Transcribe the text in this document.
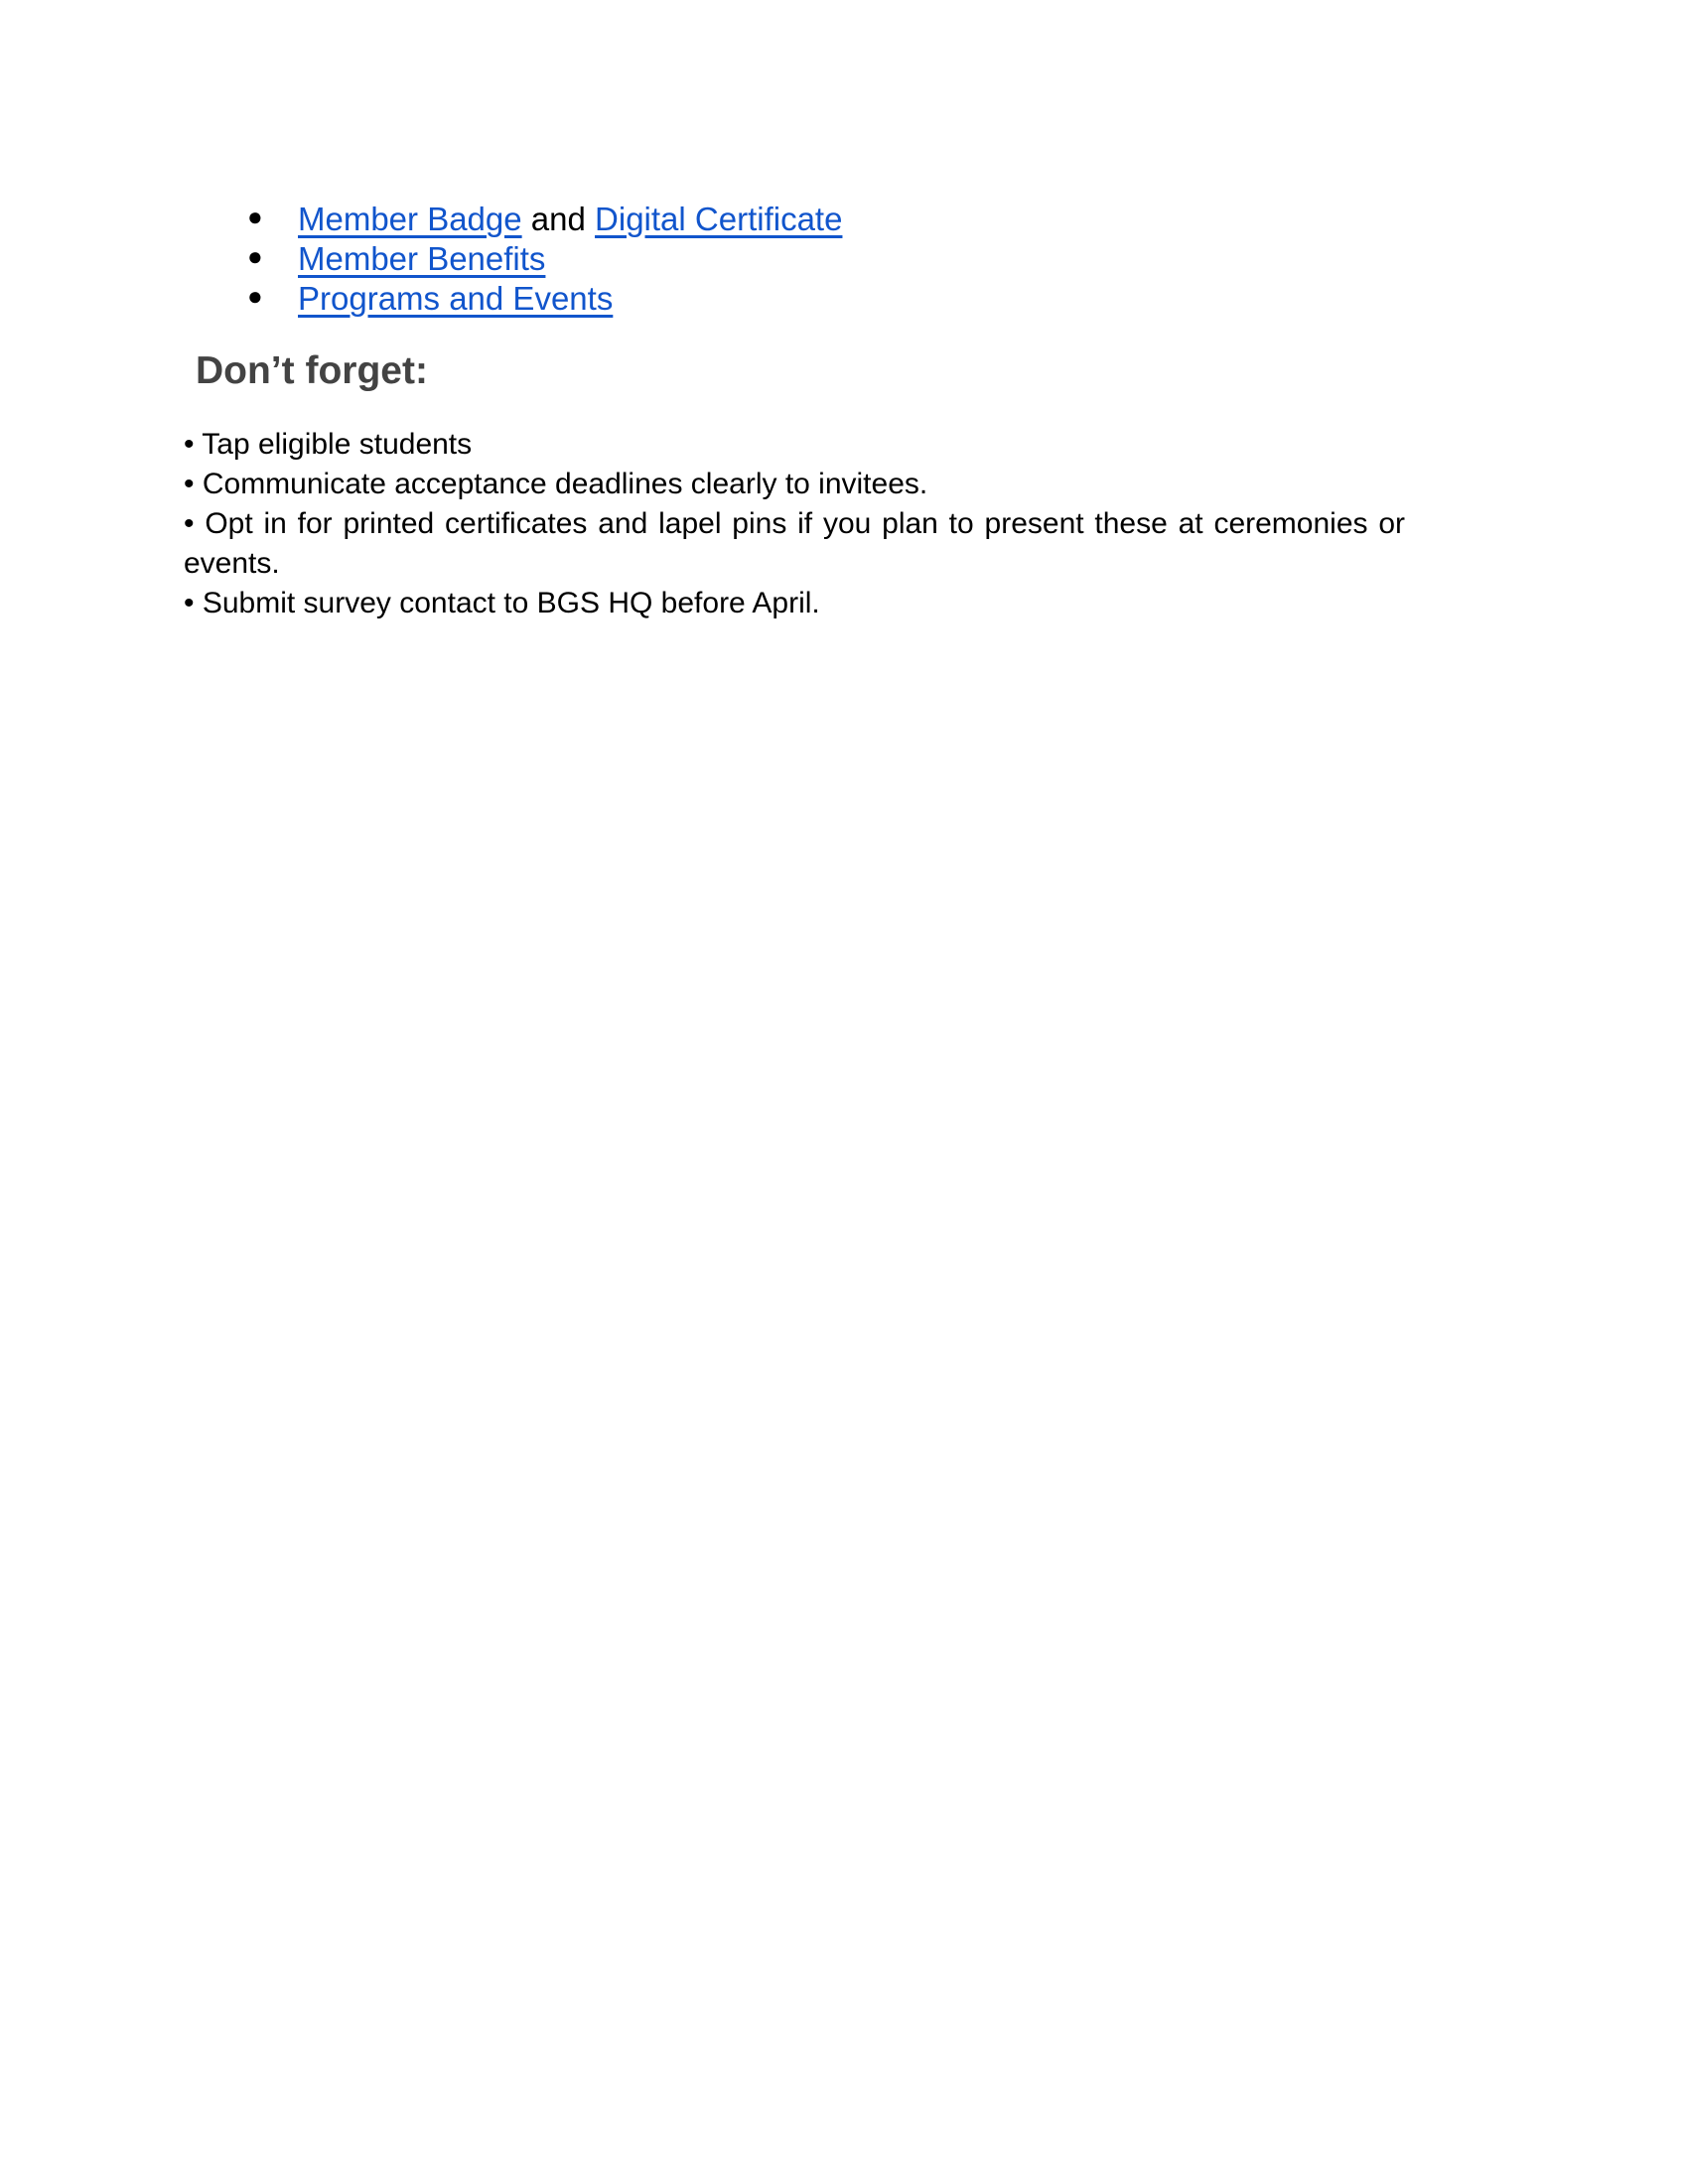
● Member Badge and Digital Certificate
● Member Benefits
● Programs and Events
Don’t forget:
• Tap eligible students
• Communicate acceptance deadlines clearly to invitees.
• Opt in for printed certificates and lapel pins if you plan to present these at ceremonies or events.
• Submit survey contact to BGS HQ before April.
